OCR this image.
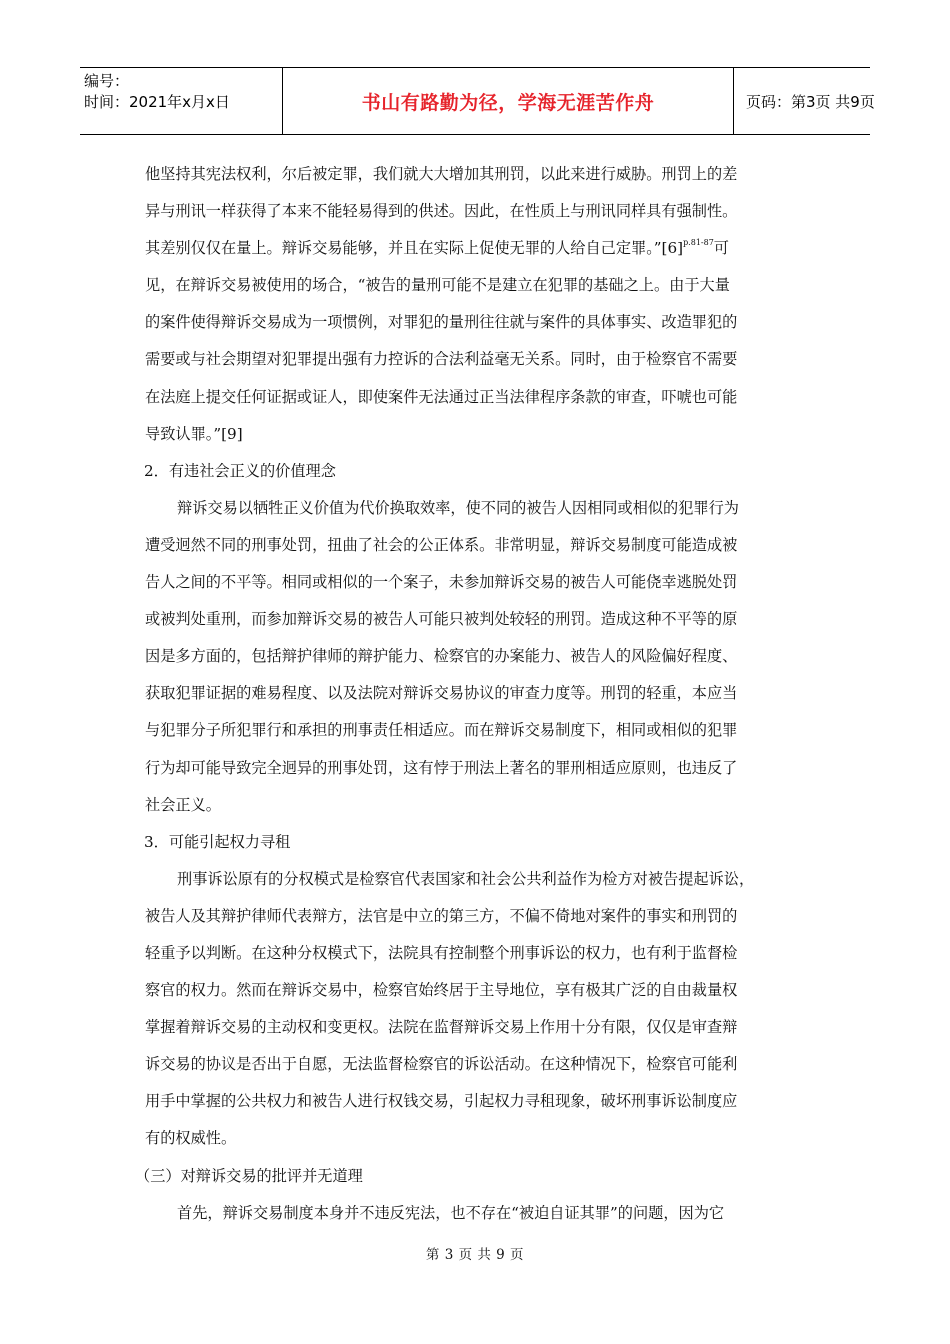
编号：
时间：2021年x月x日	书山有路勤为径，学海无涯苦作舟	页码：第3页 共9页
他坚持其宪法权利，尔后被定罪，我们就大大增加其刑罚，以此来进行威胁。刑罚上的差
异与刑讯一样获得了本来不能轻易得到的供述。因此，在性质上与刑讯同样具有强制性。
其差别仅仅在量上。辩诉交易能够，并且在实际上促使无罪的人给自己定罪。$”[6]^{p.81-87}$可
见，在辩诉交易被使用的场合，“被告的量刑可能不是建立在犯罪的基础之上。由于大量
的案件使得辩诉交易成为一项惯例，对罪犯的量刑往往就与案件的具体事实、改造罪犯的
需要或与社会期望对犯罪提出强有力控诉的合法利益毫无关系。同时，由于检察官不需要
在法庭上提交任何证据或证人，即使案件无法通过正当法律程序条款的审查，吓唬也可能
导致认罪。”[9]
2．有违社会正义的价值理念
辩诉交易以牺牲正义价值为代价换取效率，使不同的被告人因相同或相似的犯罪行为
遭受迥然不同的刑事处罚，扭曲了社会的公正体系。非常明显，辩诉交易制度可能造成被
告人之间的不平等。相同或相似的一个案子，未参加辩诉交易的被告人可能侥幸逃脱处罚
或被判处重刑，而参加辩诉交易的被告人可能只被判处较轻的刑罚。造成这种不平等的原
因是多方面的，包括辩护律师的辩护能力、检察官的办案能力、被告人的风险偏好程度、
获取犯罪证据的难易程度、以及法院对辩诉交易协议的审查力度等。刑罚的轻重，本应当
与犯罪分子所犯罪行和承担的刑事责任相适应。而在辩诉交易制度下，相同或相似的犯罪
行为却可能导致完全迥异的刑事处罚，这有悖于刑法上著名的罪刑相适应原则，也违反了
社会正义。
3．可能引起权力寻租
刑事诉讼原有的分权模式是检察官代表国家和社会公共利益作为检方对被告提起诉讼，
被告人及其辩护律师代表辩方，法官是中立的第三方，不偏不倚地对案件的事实和刑罚的
轻重予以判断。在这种分权模式下，法院具有控制整个刑事诉讼的权力，也有利于监督检
察官的权力。然而在辩诉交易中，检察官始终居于主导地位，享有极其广泛的自由裁量权
掌握着辩诉交易的主动权和变更权。法院在监督辩诉交易上作用十分有限，仅仅是审查辩
诉交易的协议是否出于自愿，无法监督检察官的诉讼活动。在这种情况下，检察官可能利
用手中掌握的公共权力和被告人进行权钱交易，引起权力寻租现象，破坏刑事诉讼制度应
有的权威性。
（三）对辩诉交易的批评并无道理
首先，辩诉交易制度本身并不违反宪法，也不存在“被迫自证其罪”的问题，因为它
第 3 页 共 9 页
